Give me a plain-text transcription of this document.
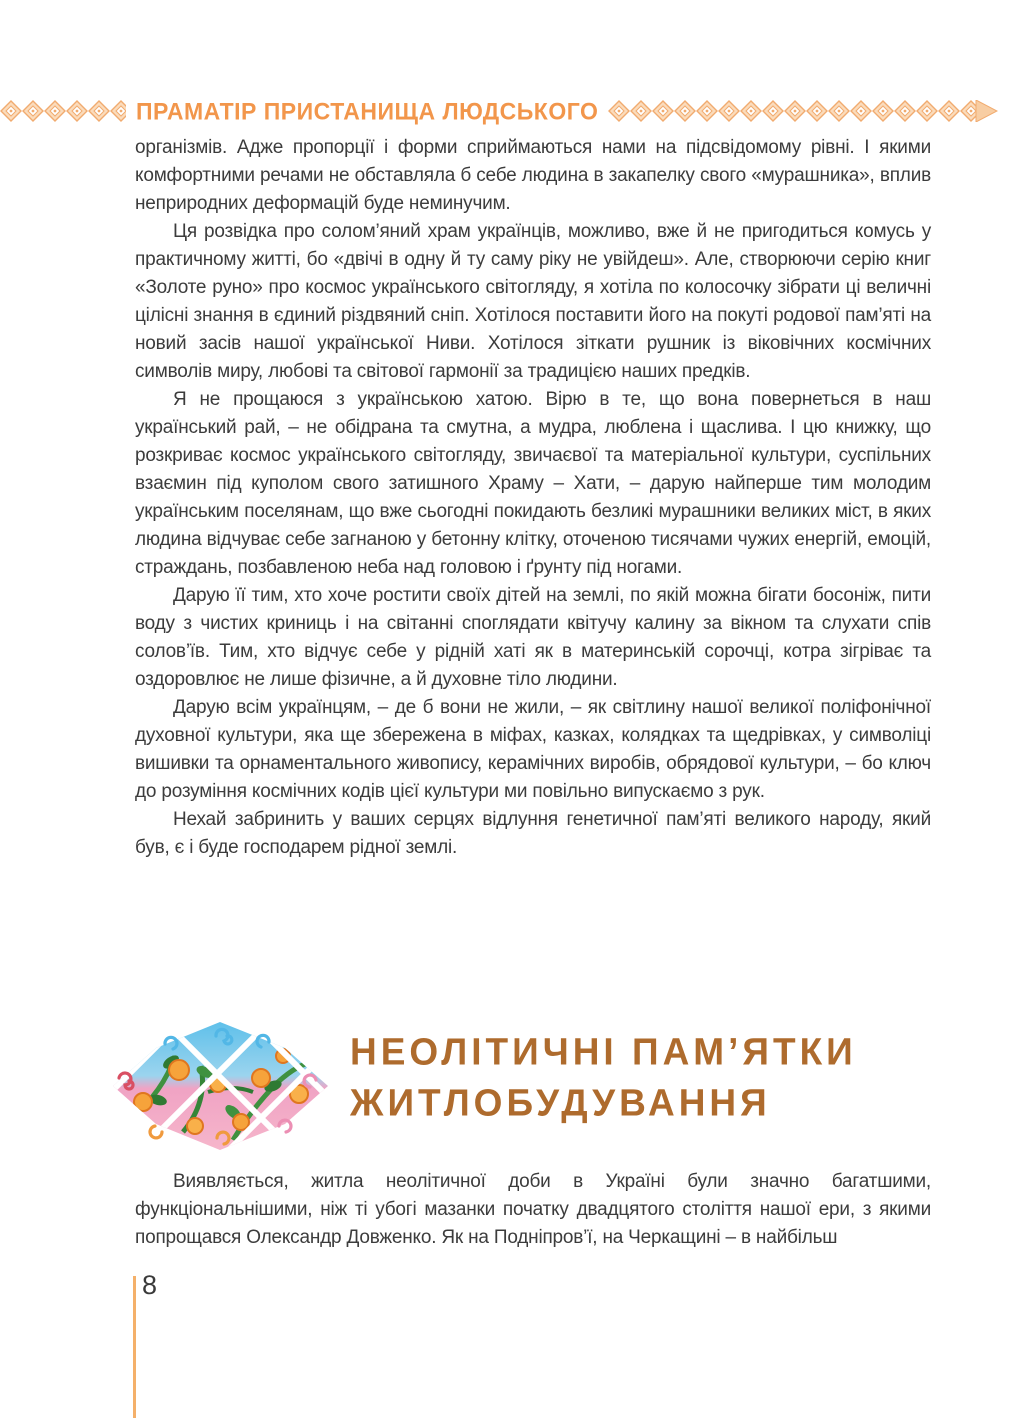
ПРАМАТІР ПРИСТАНИЩА ЛЮДСЬКОГО

організмів. Адже пропорції і форми сприймаються нами на підсвідомому рівні. І якими комфортними речами не обставляла б себе людина в закапелку свого «мурашника», вплив неприродних деформацій буде неминучим.

Ця розвідка про солом’яний храм українців, можливо, вже й не пригодиться комусь у практичному житті, бо «двічі в одну й ту саму ріку не увійдеш». Але, створюючи серію книг «Золоте руно» про космос українського світогляду, я хотіла по колосочку зібрати ці величні цілісні знання в єдиний різдвяний сніп. Хотілося поставити його на покуті родової пам’яті на новий засів нашої української Ниви. Хотілося зіткати рушник із віковічних космічних символів миру, любові та світової гармонії за традицією наших предків.

Я не прощаюся з українською хатою. Вірю в те, що вона повернеться в наш український рай, – не обідрана та смутна, а мудра, люблена і щаслива. І цю книжку, що розкриває космос українського світогляду, звичаєвої та матеріальної культури, суспільних взаємин під куполом свого затишного Храму – Хати, – дарую найперше тим молодим українським поселянам, що вже сьогодні покидають безликі мурашники великих міст, в яких людина відчуває себе загнаною у бетонну клітку, оточеною тисячами чужих енергій, емоцій, страждань, позбавленою неба над головою і ґрунту під ногами.

Дарую її тим, хто хоче ростити своїх дітей на землі, по якій можна бігати босоніж, пити воду з чистих криниць і на світанні споглядати квітучу калину за вікном та слухати спів солов’їв. Тим, хто відчує себе у рідній хаті як в материнській сорочці, котра зігріває та оздоровлює не лише фізичне, а й духовне тіло людини.

Дарую всім українцям, – де б вони не жили, – як світлину нашої великої поліфонічної духовної культури, яка ще збережена в міфах, казках, колядках та щедрівках, у символіці вишивки та орнаментального живопису, керамічних виробів, обрядової культури, – бо ключ до розуміння космічних кодів цієї культури ми повільно випускаємо з рук.

Нехай забринить у ваших серцях відлуння генетичної пам’яті великого народу, який був, є і буде господарем рідної землі.

НЕОЛІТИЧНІ ПАМ’ЯТКИ
ЖИТЛОБУДУВАННЯ

Виявляється, житла неолітичної доби в Україні були значно багатшими, функціональнішими, ніж ті убогі мазанки початку двадцятого століття нашої ери, з якими попрощався Олександр Довженко. Як на Подніпров’ї, на Черкащині – в найбільш

8
